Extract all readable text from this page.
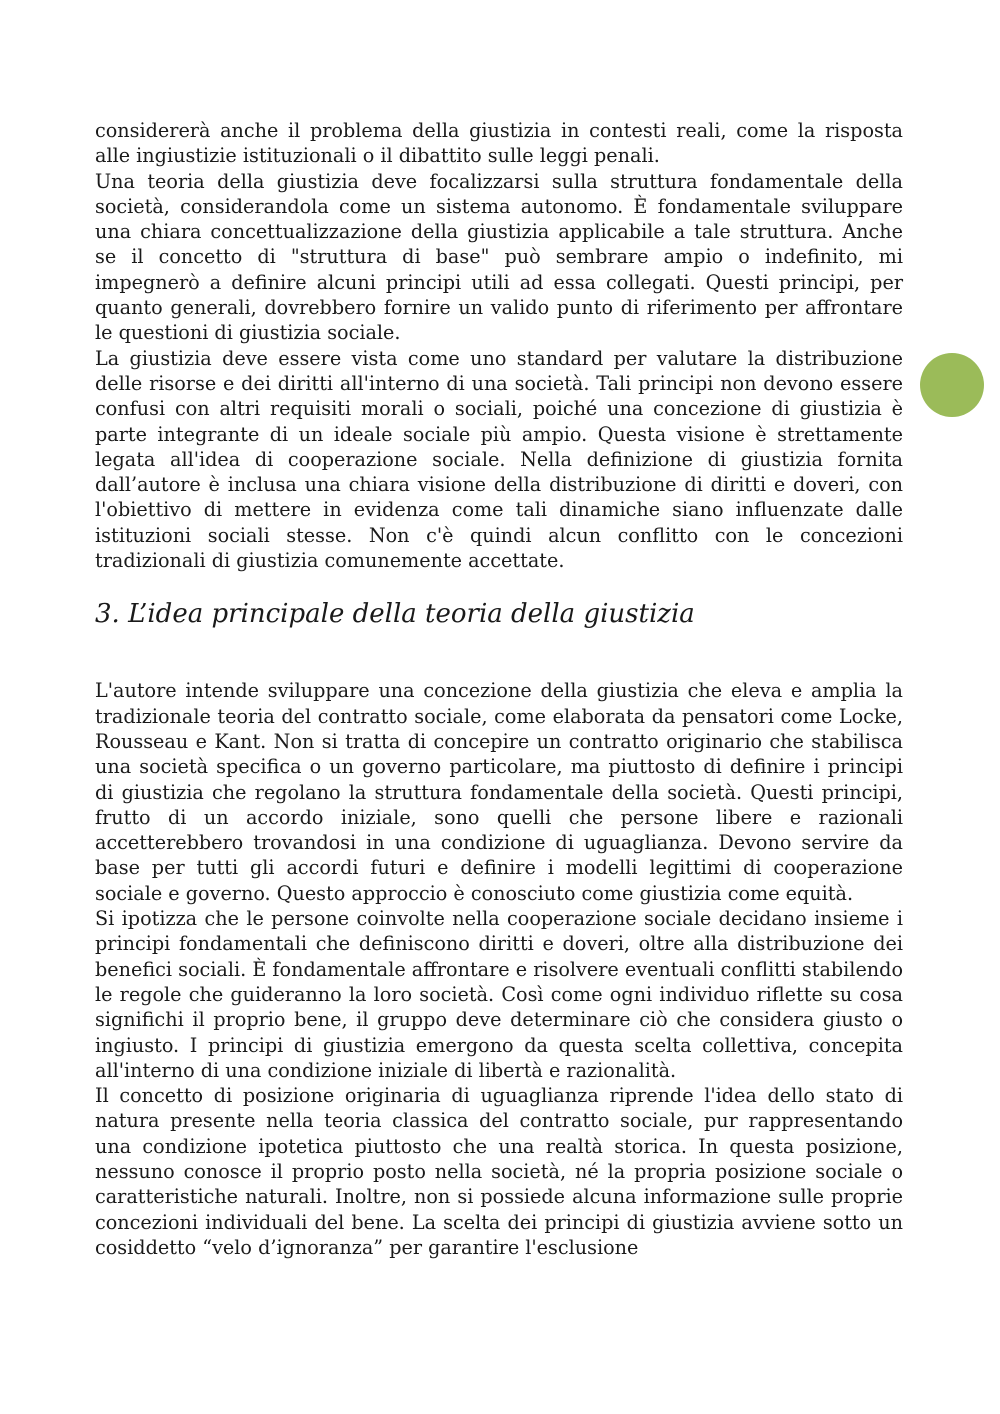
considererà anche il problema della giustizia in contesti reali, come la risposta alle ingiustizie istituzionali o il dibattito sulle leggi penali.

Una teoria della giustizia deve focalizzarsi sulla struttura fondamentale della società, considerandola come un sistema autonomo. È fondamentale sviluppare una chiara concettualizzazione della giustizia applicabile a tale struttura. Anche se il concetto di "struttura di base" può sembrare ampio o indefinito, mi impegnerò a definire alcuni principi utili ad essa collegati. Questi principi, per quanto generali, dovrebbero fornire un valido punto di riferimento per affrontare le questioni di giustizia sociale.

La giustizia deve essere vista come uno standard per valutare la distribuzione delle risorse e dei diritti all'interno di una società. Tali principi non devono essere confusi con altri requisiti morali o sociali, poiché una concezione di giustizia è parte integrante di un ideale sociale più ampio. Questa visione è strettamente legata all'idea di cooperazione sociale. Nella definizione di giustizia fornita dall’autore è inclusa una chiara visione della distribuzione di diritti e doveri, con l'obiettivo di mettere in evidenza come tali dinamiche siano influenzate dalle istituzioni sociali stesse. Non c'è quindi alcun conflitto con le concezioni tradizionali di giustizia comunemente accettate.

3. L’idea principale della teoria della giustizia

L'autore intende sviluppare una concezione della giustizia che eleva e amplia la tradizionale teoria del contratto sociale, come elaborata da pensatori come Locke, Rousseau e Kant. Non si tratta di concepire un contratto originario che stabilisca una società specifica o un governo particolare, ma piuttosto di definire i principi di giustizia che regolano la struttura fondamentale della società. Questi principi, frutto di un accordo iniziale, sono quelli che persone libere e razionali accetterebbero trovandosi in una condizione di uguaglianza. Devono servire da base per tutti gli accordi futuri e definire i modelli legittimi di cooperazione sociale e governo. Questo approccio è conosciuto come giustizia come equità.

Si ipotizza che le persone coinvolte nella cooperazione sociale decidano insieme i principi fondamentali che definiscono diritti e doveri, oltre alla distribuzione dei benefici sociali. È fondamentale affrontare e risolvere eventuali conflitti stabilendo le regole che guideranno la loro società. Così come ogni individuo riflette su cosa significhi il proprio bene, il gruppo deve determinare ciò che considera giusto o ingiusto. I principi di giustizia emergono da questa scelta collettiva, concepita all'interno di una condizione iniziale di libertà e razionalità.

Il concetto di posizione originaria di uguaglianza riprende l'idea dello stato di natura presente nella teoria classica del contratto sociale, pur rappresentando una condizione ipotetica piuttosto che una realtà storica. In questa posizione, nessuno conosce il proprio posto nella società, né la propria posizione sociale o caratteristiche naturali. Inoltre, non si possiede alcuna informazione sulle proprie concezioni individuali del bene. La scelta dei principi di giustizia avviene sotto un cosiddetto “velo d’ignoranza” per garantire l'esclusione
